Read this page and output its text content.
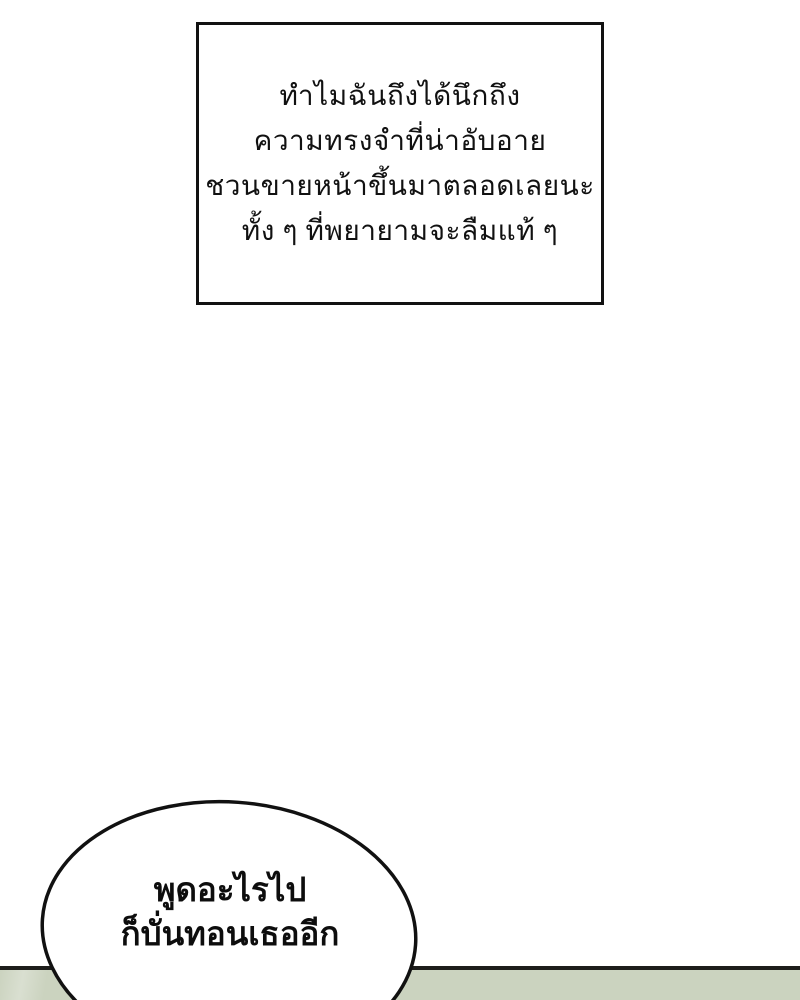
ทำไมฉันถึงได้นึกถึง
ความทรงจำที่น่าอับอาย
ชวนขายหน้าขึ้นมาตลอดเลยนะ
ทั้ง ๆ ที่พยายามจะลืมแท้ ๆ
พูดอะไรไป
ก็บั่นทอนเธออีก
